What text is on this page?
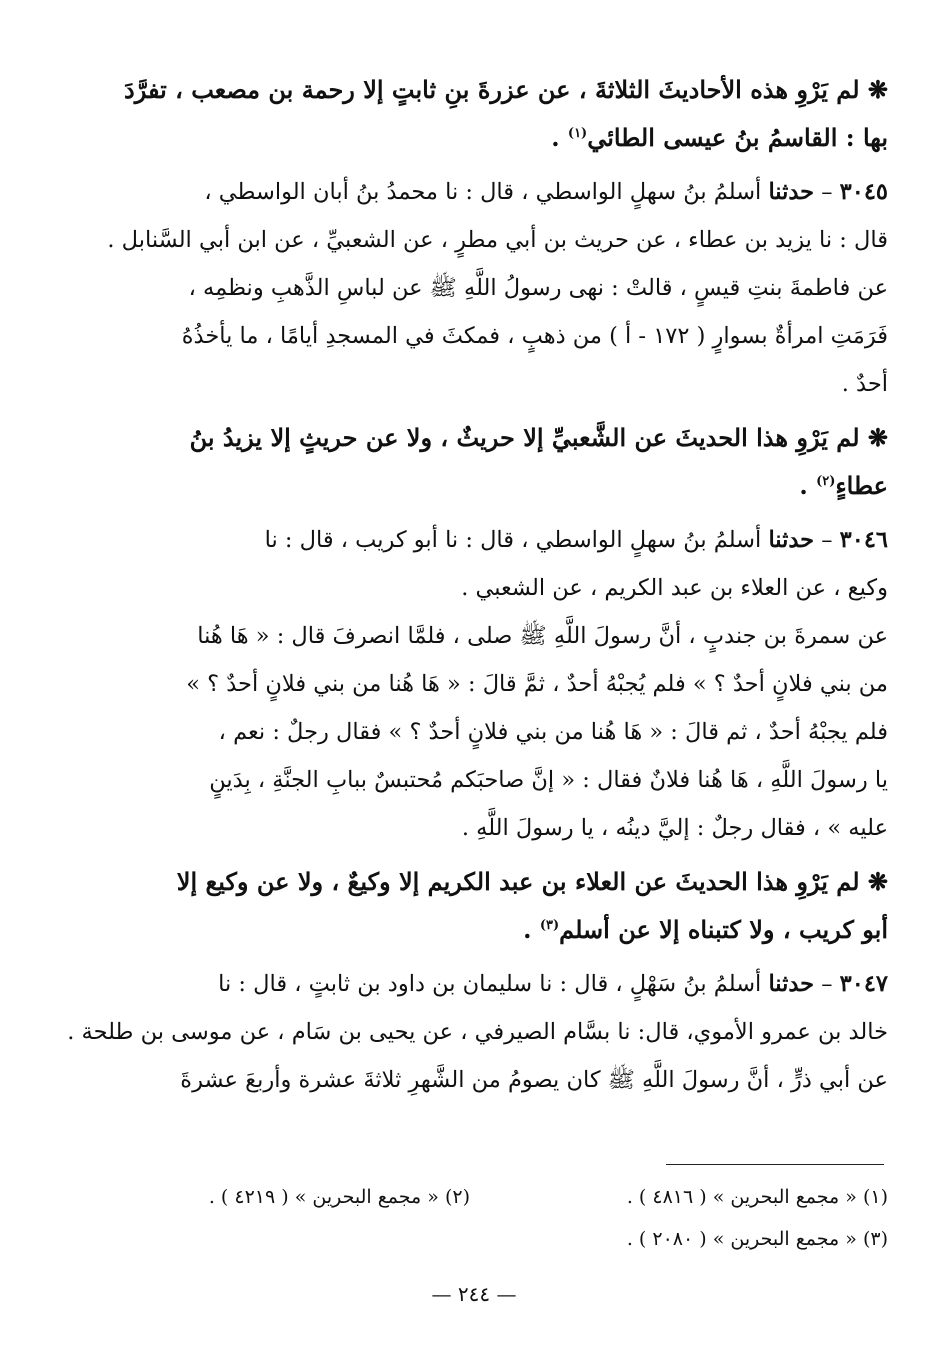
❋ لم يَرْوِ هذه الأحاديثَ الثلاثةَ ، عن عزرةَ بنِ ثابتٍ إلا رحمة بن مصعب ، تفرَّدَ
بها : القاسمُ بنُ عيسى الطائي$^{(١)}$ .
٣٠٤٥ – حدثنا أسلمُ بنُ سهلٍ الواسطي ، قال : نا محمدُ بنُ أبان الواسطي ،
قال : نا يزيد بن عطاء ، عن حريث بن أبي مطرٍ ، عن الشعبيِّ ، عن ابن أبي السَّنابل .
عن فاطمةَ بنتِ قيسٍ ، قالتْ : نهى رسولُ اللَّهِ ﷺ عن لباسِ الذَّهبِ ونظمِه ،
فَرَمَتِ امرأةٌ بسوارٍ ( ١٧٢ - أ ) من ذهبٍ ، فمكثَ في المسجدِ أيامًا ، ما يأخذُهُ
أحدٌ .
❋ لم يَرْوِ هذا الحديثَ عن الشَّعبيِّ إلا حريثٌ ، ولا عن حريثٍ إلا يزيدُ بنُ
عطاءٍ$^{(٢)}$ .
٣٠٤٦ – حدثنا أسلمُ بنُ سهلٍ الواسطي ، قال : نا أبو كريب ، قال : نا
وكيع ، عن العلاء بن عبد الكريم ، عن الشعبي .
عن سمرةَ بن جندبٍ ، أنَّ رسولَ اللَّهِ ﷺ صلى ، فلمَّا انصرفَ قال : « هَا هُنا
من بني فلانٍ أحدٌ ؟ » فلم يُجبْهُ أحدٌ ، ثمَّ قالَ : « هَا هُنا من بني فلانٍ أحدٌ ؟ »
فلم يجبْهُ أحدٌ ، ثم قالَ : « هَا هُنا من بني فلانٍ أحدٌ ؟ » فقال رجلٌ : نعم ،
يا رسولَ اللَّهِ ، هَا هُنا فلانٌ فقال : « إنَّ صاحبَكم مُحتبسٌ ببابِ الجنَّةِ ، بِدَينٍ
عليه » ، فقال رجلٌ : إليَّ دينُه ، يا رسولَ اللَّهِ .
❋ لم يَرْوِ هذا الحديثَ عن العلاء بن عبد الكريم إلا وكيعٌ ، ولا عن وكيع إلا
أبو كريب ، ولا كتبناه إلا عن أسلم$^{(٣)}$ .
٣٠٤٧ – حدثنا أسلمُ بنُ سَهْلٍ ، قال : نا سليمان بن داود بن ثابتٍ ، قال : نا
خالد بن عمرو الأموي، قال: نا بسَّام الصيرفي ، عن يحيى بن سَام ، عن موسى بن طلحة .
عن أبي ذرٍّ ، أنَّ رسولَ اللَّهِ ﷺ كان يصومُ من الشَّهرِ ثلاثةَ عشرة وأربعَ عشرةَ
(١) « مجمع البحرين » ( ٤٨١٦ ) .
(٢) « مجمع البحرين » ( ٤٢١٩ ) .
(٣) « مجمع البحرين » ( ٢٠٨٠ ) .
— ٢٤٤ —
